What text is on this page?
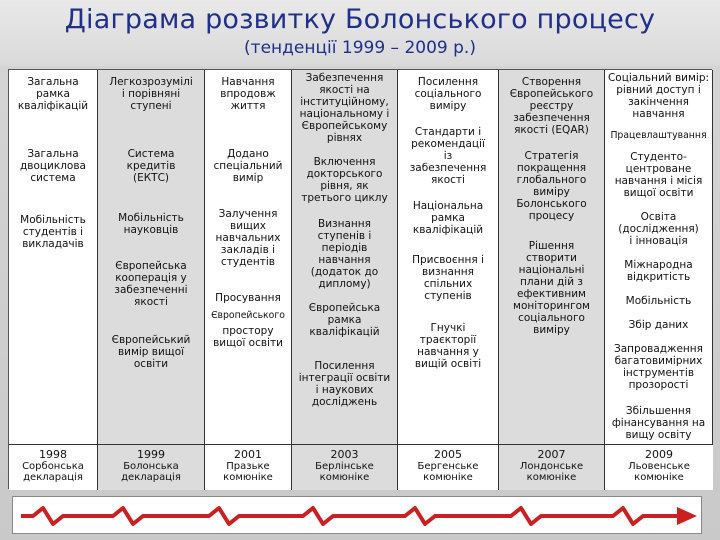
Діаграма розвитку Болонського процесу
(тенденції 1999 – 2009 р.)
Загальна
рамка
кваліфікацій
Загальна
двоциклова
система
Мобільність
студентів і
викладачів
Легкозрозумілі
і порівняні
ступені
Система
кредитів
(ЕКТС)
Мобільність
науковців
Європейська
кооперація у
забезпеченні
якості
Європейський
вимір вищої
освіти
Навчання
впродовж
життя
Додано
спеціальний
вимір
Залучення
вищих
навчальних
закладів і
студентів
Просування
Європейського
простору
вищої освіти
Забезпечення
якості на
інституційному,
національному і
Європейському
рівнях
Включення
докторського
рівня, як
третього циклу
Визнання
ступенів і
періодів
навчання
(додаток до
диплому)
Європейська
рамка
кваліфікацій
Посилення
інтеграції освіти
і наукових
досліджень
Посилення
соціального
виміру
Стандарти і
рекомендації
із
забезпечення
якості
Національна
рамка
кваліфікацій
Присвоєння і
визнання
спільних
ступенів
Гнучкі
траєкторії
навчання у
вищій освіті
Створення
Європейського
реєстру
забезпечення
якості (EQAR)
Стратегія
покращення
глобального
виміру
Болонського
процесу
Рішення
створити
національні
плани дій з
ефективним
моніторингом
соціального
виміру
Соціальний вимір:
рівний доступ і
закінчення
навчання
Працевлаштування
Студенто-
центроване
навчання і місія
вищої освіти
Освіта
(дослідження)
і інновація
Міжнародна
відкритість
Мобільність
Збір даних
Запровадження
багатовимірних
інструментів
прозорості
Збільшення
фінансування на
вищу освіту
1998
Сорбонська
декларація
1999
Болонська
декларація
2001
Празьке
комюніке
2003
Берлінське
комюніке
2005
Бергенське
комюніке
2007
Лондонське
комюніке
2009
Льовенське
комюніке
